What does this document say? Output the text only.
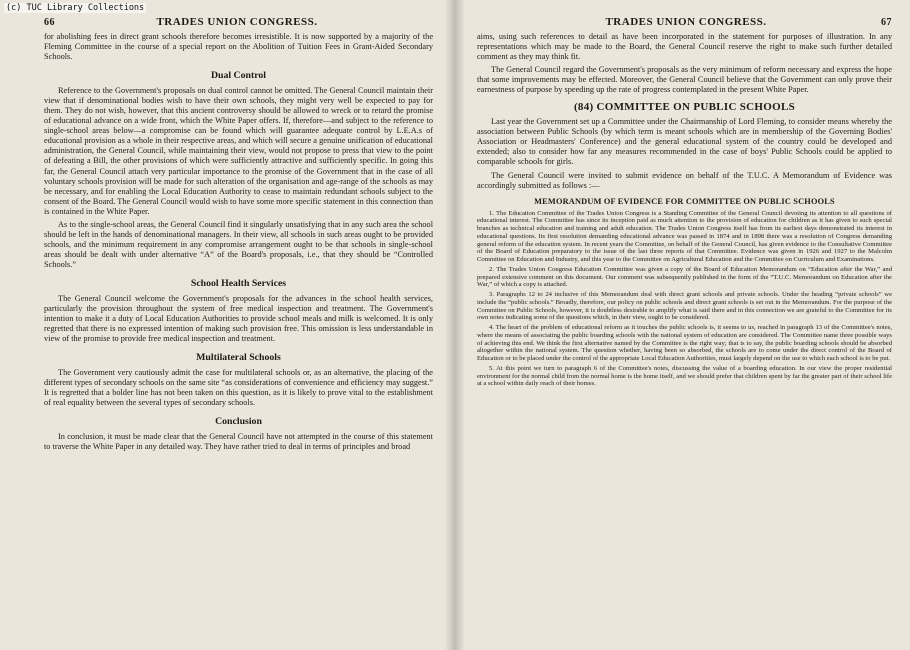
(c) TUC Library Collections
66	TRADES UNION CONGRESS.

for abolishing fees in direct grant schools therefore becomes irresistible. It is now supported by a majority of the Fleming Committee in the course of a special report on the Abolition of Tuition Fees in Grant-Aided Secondary Schools.

Dual Control

Reference to the Government's proposals on dual control cannot be omitted. The General Council maintain their view that if denominational bodies wish to have their own schools, they might very well be expected to pay for them. They do not wish, however, that this ancient controversy should be allowed to wreck or to retard the promise of educational advance on a wide front, which the White Paper offers. If, therefore—and subject to the reference to single-school areas below—a compromise can be found which will guarantee adequate control by L.E.A.s of educational provision as a whole in their respective areas, and which will secure a genuine unification of educational administration, the General Council, while maintaining their view, would not propose to press that view to the point of defeating a Bill, the other provisions of which were sufficiently attractive and sufficiently specific. In going this far, the General Council attach very particular importance to the promise of the Government that in the case of all voluntary schools provision will be made for such alteration of the organisation and age-range of the schools as may be necessary, and for enabling the Local Education Authority to cease to maintain redundant schools subject to the consent of the Board. The General Council would wish to have some more specific statement in this connection than is contained in the White Paper.

As to the single-school areas, the General Council find it singularly unsatisfying that in any such area the school should be left in the hands of denominational managers. In their view, all schools in such areas ought to be provided schools, and the minimum requirement in any compromise arrangement ought to be that schools in single-school areas should be dealt with under alternative “A” of the Board's proposals, i.e., that they should be “Controlled Schools.”

School Health Services

The General Council welcome the Government's proposals for the advances in the school health services, particularly the provision throughout the system of free medical inspection and treatment. The Government's intention to make it a duty of Local Education Authorities to provide school meals and milk is welcomed. It is only regretted that there is no expressed intention of making such provision free. This omission is less understandable in view of the promise to provide free medical inspection and treatment.

Multilateral Schools

The Government very cautiously admit the case for multilateral schools or, as an alternative, the placing of the different types of secondary schools on the same site “as considerations of convenience and efficiency may suggest.” It is regretted that a bolder line has not been taken on this question, as it is likely to prove vital to the establishment of real equality between the several types of secondary schools.

Conclusion

In conclusion, it must be made clear that the General Council have not attempted in the course of this statement to traverse the White Paper in any detailed way. They have rather tried to deal in terms of principles and broad

TRADES UNION CONGRESS.	67

aims, using such references to detail as have been incorporated in the statement for purposes of illustration. In any representations which may be made to the Board, the General Council reserve the right to make such further detailed comment as they may think fit.

The General Council regard the Government's proposals as the very minimum of reform necessary and express the hope that some improvements may be effected. Moreover, the General Council believe that the Government can only prove their earnestness of purpose by speeding up the rate of progress contemplated in the present White Paper.

(84) COMMITTEE ON PUBLIC SCHOOLS

Last year the Government set up a Committee under the Chairmanship of Lord Fleming, to consider means whereby the association between Public Schools (by which term is meant schools which are in membership of the Governing Bodies' Association or Headmasters' Conference) and the general educational system of the country could be developed and extended; also to consider how far any measures recommended in the case of boys' Public Schools could be applied to comparable schools for girls.

The General Council were invited to submit evidence on behalf of the T.U.C. A Memorandum of Evidence was accordingly submitted as follows :—

MEMORANDUM OF EVIDENCE FOR COMMITTEE ON PUBLIC SCHOOLS

1. The Education Committee of the Trades Union Congress is a Standing Committee of the General Council devoting its attention to all questions of educational interest. The Committee has since its inception paid as much attention to the provision of education for children as it has given to such special branches as technical education and training and adult education. The Trades Union Congress itself has from its earliest days demonstrated its interest in educational questions. Its first resolution demanding educational advance was passed in 1874 and in 1898 there was a resolution of Congress demanding general reform of the education system. In recent years the Committee, on behalf of the General Council, has given evidence to the Consultative Committee of the Board of Education preparatory to the issue of the last three reports of that Committee. Evidence was given in 1926 and 1927 to the Malcolm Committee on Education and Industry, and this year to the Committee on Agricultural Education and the Committee on Curriculum and Examinations.

2. The Trades Union Congress Education Committee was given a copy of the Board of Education Memorandum on “Education after the War,” and prepared extensive comment on this document. Our comment was subsequently published in the form of the “T.U.C. Memorandum on Education after the War,” of which a copy is attached.

3. Paragraphs 12 to 24 inclusive of this Memorandum deal with direct grant schools and private schools. Under the heading “private schools” we include the “public schools.” Broadly, therefore, our policy on public schools and direct grant schools is set out in the Memorandum. For the purpose of the Committee on Public Schools, however, it is doubtless desirable to amplify what is said there and in this connection we are grateful to the Committee for its own notes indicating some of the questions which, in their view, ought to be considered.

4. The heart of the problem of educational reform as it touches the public schools is, it seems to us, reached in paragraph 13 of the Committee's notes, where the means of associating the public boarding schools with the national system of education are considered. The Committee name three possible ways of achieving this end. We think the first alternative named by the Committee is the right way; that is to say, the public boarding schools should be absorbed altogether within the national system. The question whether, having been so absorbed, the schools are to come under the direct control of the Board of Education or to be placed under the control of the appropriate Local Education Authorities, must largely depend on the use to which each school is to be put.

5. At this point we turn to paragraph 6 of the Committee's notes, discussing the value of a boarding education. In our view the proper residential environment for the normal child from the normal home is the home itself, and we should prefer that children spent by far the greater part of their school life at a school within daily reach of their homes.
